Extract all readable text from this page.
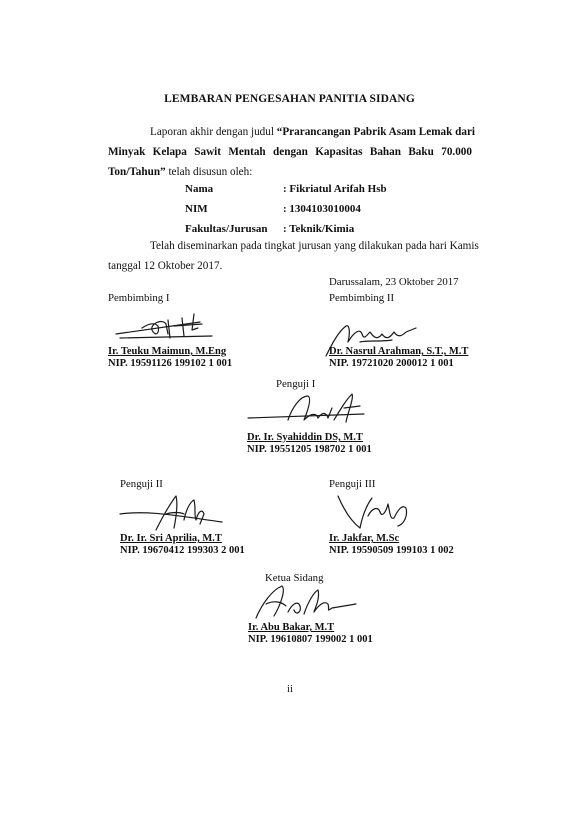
LEMBARAN PENGESAHAN PANITIA SIDANG
Laporan akhir dengan judul “Prarancangan Pabrik Asam Lemak dari
Minyak Kelapa Sawit Mentah dengan Kapasitas Bahan Baku 70.000
Ton/Tahun” telah disusun oleh:
Nama	: Fikriatul Arifah Hsb
NIM	: 1304103010004
Fakultas/Jurusan : Teknik/Kimia
Telah diseminarkan pada tingkat jurusan yang dilakukan pada hari Kamis
tanggal 12 Oktober 2017.
Darussalam, 23 Oktober 2017
Pembimbing I
Ir. Teuku Maimun, M.Eng
NIP. 19591126 199102 1 001
Pembimbing II
Dr. Nasrul Arahman, S.T., M.T
NIP. 19721020 200012 1 001
Penguji I
Dr. Ir. Syahiddin DS, M.T
NIP. 19551205 198702 1 001
Penguji II
Dr. Ir. Sri Aprilia, M.T
NIP. 19670412 199303 2 001
Penguji III
Ir. Jakfar, M.Sc
NIP. 19590509 199103 1 002
Ketua Sidang
Ir. Abu Bakar, M.T
NIP. 19610807 199002 1 001
ii
